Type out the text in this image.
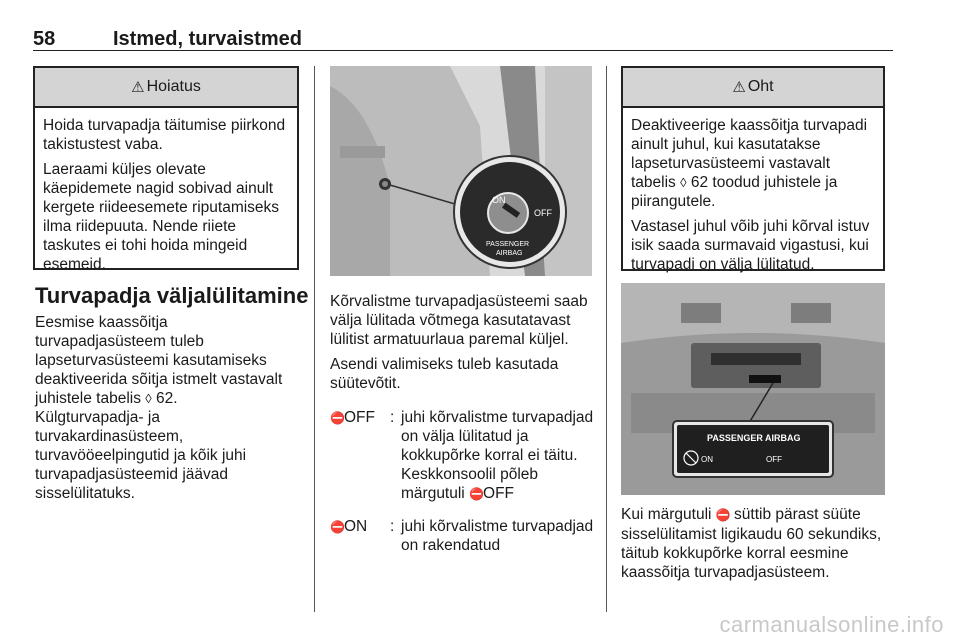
58	Istmed, turvaistmed
⚠ Hoiatus

Hoida turvapadja täitumise piirkond takistustest vaba.

Laeraami küljes olevate käepidemete nagid sobivad ainult kergete riideesemete riputamiseks ilma riidepuuta. Nende riiete taskutes ei tohi hoida mingeid esemeid.

Turvapadja väljalülitamine
Eesmise kaassõitja
turvapadjasüsteem tuleb
lapseturvasüsteemi kasutamiseks
deaktiveerida sõitja istmelt vastavalt
juhistele tabelis ◊ 62.
Külgturvapadja- ja
turvakardinasüsteem,
turvavööeelpingutid ja kõik juhi
turvapadjasüsteemid jäävad
sisselülitatuks.
ON
OFF
PASSENGER
AIRBAG

Kõrvalistme turvapadjasüsteemi saab välja lülitada võtmega kasutatavast lülitist armatuurlaua paremal küljel.

Asendi valimiseks tuleb kasutada süütevõtit.

⛔OFF : juhi kõrvalistme turvapadjad on välja lülitatud ja kokkupõrke korral ei täitu. Keskkonsoolil põleb märgutuli ⛔OFF
⛔ON : juhi kõrvalistme turvapadjad on rakendatud
⚠ Oht

Deaktiveerige kaassõitja turvapadi ainult juhul, kui kasutatakse lapseturvasüsteemi vastavalt tabelis ◊ 62 toodud juhistele ja piirangutele.

Vastasel juhul võib juhi kõrval istuv isik saada surmavaid vigastusi, kui turvapadi on välja lülitatud.

PASSENGER AIRBAG
ON	OFF
Kui märgutuli ⛔ süttib pärast süüte sisselülitamist ligikaudu 60 sekundiks, täitub kokkupõrke korral eesmine kaassõitja turvapadjasüsteem.
carmanualsonline.info
